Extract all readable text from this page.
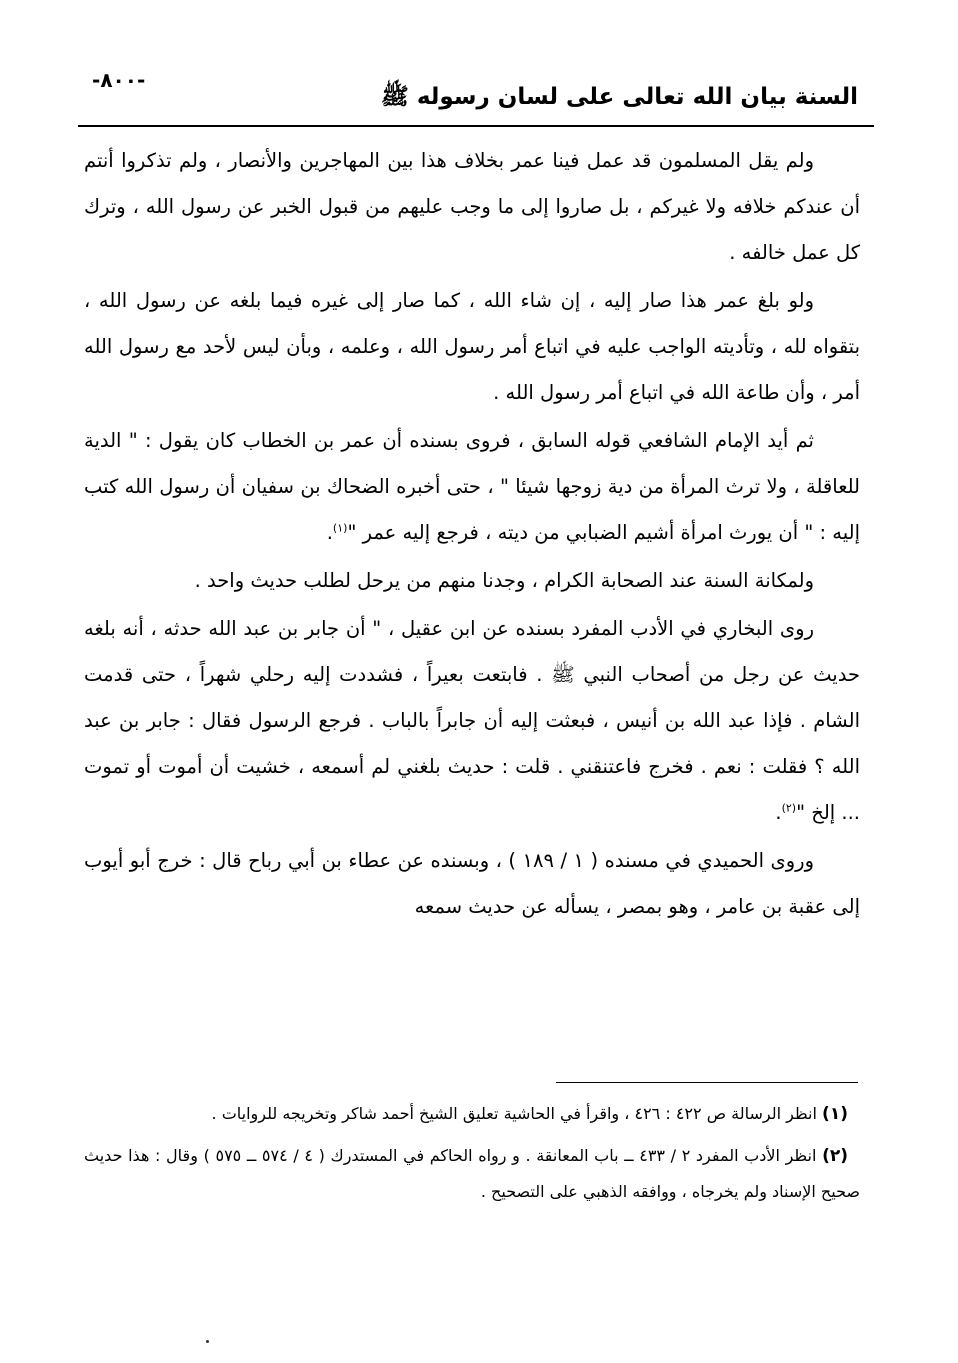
-٨٠٠-
السنة بيان الله تعالى على لسان رسوله ﷺ

ولم يقل المسلمون قد عمل فينا عمر بخلاف هذا بين المهاجرين والأنصار ، ولم تذكروا أنتم أن عندكم خلافه ولا غيركم ، بل صاروا إلى ما وجب عليهم من قبول الخبر عن رسول الله ، وترك كل عمل خالفه .

ولو بلغ عمر هذا صار إليه ، إن شاء الله ، كما صار إلى غيره فيما بلغه عن رسول الله ، بتقواه لله ، وتأديته الواجب عليه في اتباع أمر رسول الله ، وعلمه ، وبأن ليس لأحد مع رسول الله أمر ، وأن طاعة الله في اتباع أمر رسول الله .

ثم أيد الإمام الشافعي قوله السابق ، فروى بسنده أن عمر بن الخطاب كان يقول : " الدية للعاقلة ، ولا ترث المرأة من دية زوجها شيئا " ، حتى أخبره الضحاك بن سفيان أن رسول الله كتب إليه : " أن يورث امرأة أشيم الضبابي من ديته ، فرجع إليه عمر "$^{(١)}$.

ولمكانة السنة عند الصحابة الكرام ، وجدنا منهم من يرحل لطلب حديث واحد .

روى البخاري في الأدب المفرد بسنده عن ابن عقيل ، " أن جابر بن عبد الله حدثه ، أنه بلغه حديث عن رجل من أصحاب النبي ﷺ . فابتعت بعيراً ، فشددت إليه رحلي شهراً ، حتى قدمت الشام . فإذا عبد الله بن أنيس ، فبعثت إليه أن جابراً بالباب . فرجع الرسول فقال : جابر بن عبد الله ؟ فقلت : نعم . فخرج فاعتنقني . قلت : حديث بلغني لم أسمعه ، خشيت أن أموت أو تموت ... إلخ "$^{(٢)}$.

وروى الحميدي في مسنده ( ١ / ١٨٩ ) ، وبسنده عن عطاء بن أبي رباح قال : خرج أبو أيوب إلى عقبة بن عامر ، وهو بمصر ، يسأله عن حديث سمعه

(١) انظر الرسالة ص ٤٢٢ : ٤٢٦ ، واقرأ في الحاشية تعليق الشيخ أحمد شاكر وتخريجه للروايات .

(٢) انظر الأدب المفرد ٢ / ٤٣٣ ــ باب المعانقة . و رواه الحاكم في المستدرك ( ٤ / ٥٧٤ ــ ٥٧٥ ) وقال : هذا حديث صحيح الإسناد ولم يخرجاه ، ووافقه الذهبي على التصحيح .
